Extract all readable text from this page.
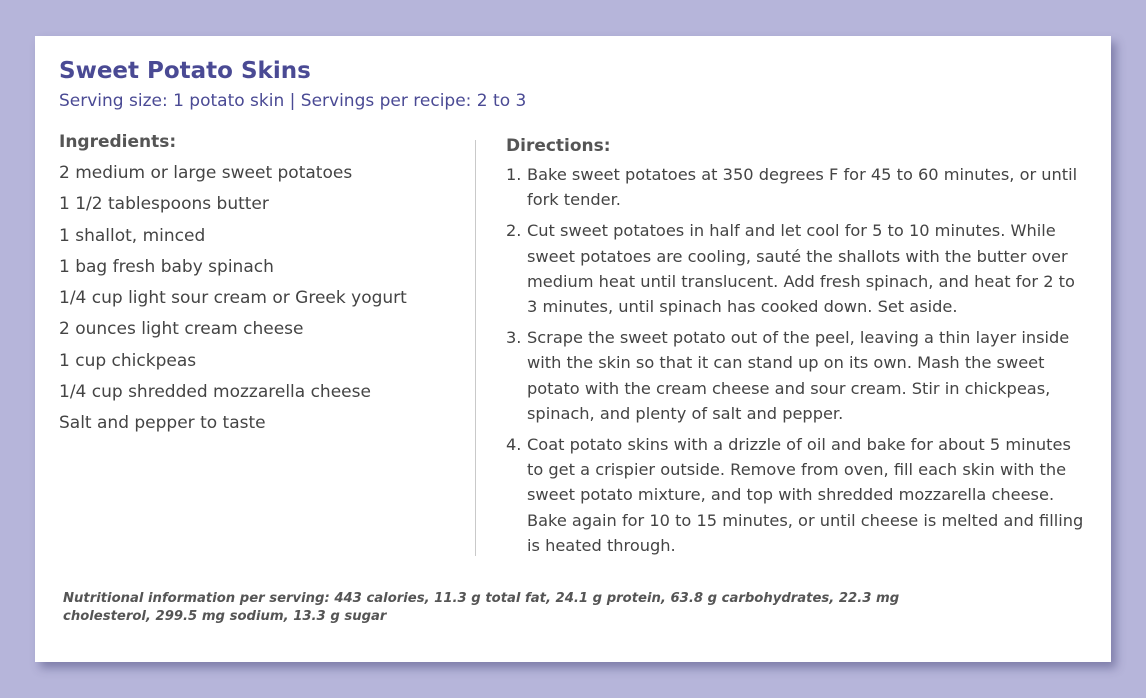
Sweet Potato Skins

Serving size: 1 potato skin | Servings per recipe: 2 to 3

Ingredients:
2 medium or large sweet potatoes
1 1/2 tablespoons butter
1 shallot, minced
1 bag fresh baby spinach
1/4 cup light sour cream or Greek yogurt
2 ounces light cream cheese
1 cup chickpeas
1/4 cup shredded mozzarella cheese
Salt and pepper to taste
Directions:
1. Bake sweet potatoes at 350 degrees F for 45 to 60 minutes, or until fork tender.
2. Cut sweet potatoes in half and let cool for 5 to 10 minutes. While sweet potatoes are cooling, sauté the shallots with the butter over medium heat until translucent. Add fresh spinach, and heat for 2 to 3 minutes, until spinach has cooked down. Set aside.
3. Scrape the sweet potato out of the peel, leaving a thin layer inside with the skin so that it can stand up on its own. Mash the sweet potato with the cream cheese and sour cream. Stir in chickpeas, spinach, and plenty of salt and pepper.
4. Coat potato skins with a drizzle of oil and bake for about 5 minutes to get a crispier outside. Remove from oven, fill each skin with the sweet potato mixture, and top with shredded mozzarella cheese. Bake again for 10 to 15 minutes, or until cheese is melted and filling is heated through.

Nutritional information per serving: 443 calories, 11.3 g total fat, 24.1 g protein, 63.8 g carbohydrates, 22.3 mg cholesterol, 299.5 mg sodium, 13.3 g sugar
